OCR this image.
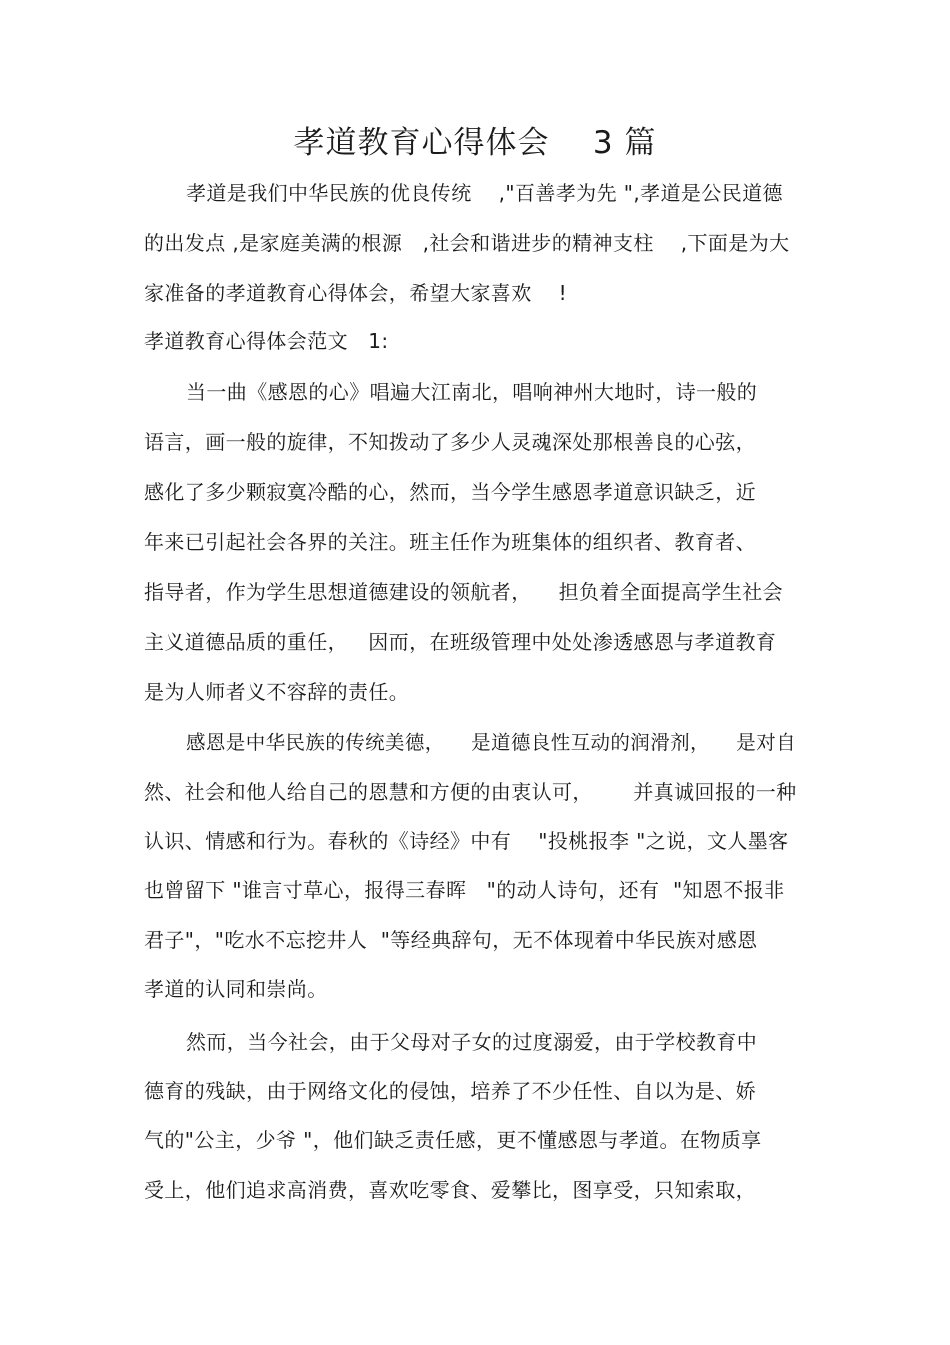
孝道教育心得体会    3 篇
孝道是我们中华民族的优良传统    ,"百善孝为先 ",孝道是公民道德
的出发点 ,是家庭美满的根源   ,社会和谐进步的精神支柱    ,下面是为大
家准备的孝道教育心得体会，希望大家喜欢    !
孝道教育心得体会范文   1:
当一曲《感恩的心》唱遍大江南北，唱响神州大地时，诗一般的
语言，画一般的旋律，不知拨动了多少人灵魂深处那根善良的心弦，
感化了多少颗寂寞冷酷的心，然而，当今学生感恩孝道意识缺乏，近
年来已引起社会各界的关注。班主任作为班集体的组织者、教育者、
指导者，作为学生思想道德建设的领航者，    担负着全面提高学生社会
主义道德品质的重任，   因而，在班级管理中处处渗透感恩与孝道教育
是为人师者义不容辞的责任。
感恩是中华民族的传统美德，    是道德良性互动的润滑剂，    是对自
然、社会和他人给自己的恩慧和方便的由衷认可，      并真诚回报的一种
认识、情感和行为。春秋的《诗经》中有    "投桃报李 "之说，文人墨客
也曾留下 "谁言寸草心，报得三春晖   "的动人诗句，还有  "知恩不报非
君子"，"吃水不忘挖井人  "等经典辞句，无不体现着中华民族对感恩
孝道的认同和崇尚。
然而，当今社会，由于父母对子女的过度溺爱，由于学校教育中
德育的残缺，由于网络文化的侵蚀，培养了不少任性、自以为是、娇
气的"公主，少爷 "，他们缺乏责任感，更不懂感恩与孝道。在物质享
受上，他们追求高消费，喜欢吃零食、爱攀比，图享受，只知索取，
